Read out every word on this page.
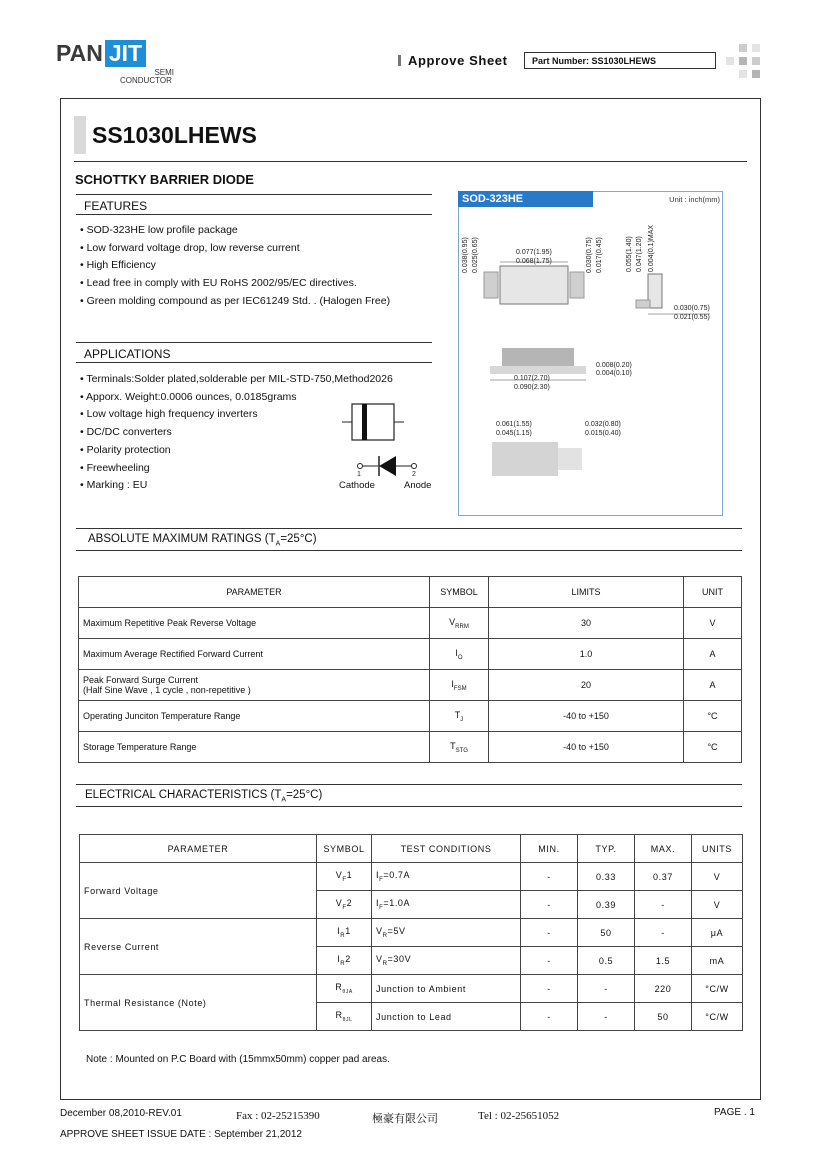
PAN JIT
SEMI
CONDUCTOR
Approve Sheet	Part Number: SS1030LHEWS
SS1030LHEWS
SCHOTTKY BARRIER DIODE
FEATURES
• SOD-323HE low profile package
• Low forward voltage drop, low reverse current
• High Efficiency
• Lead free in comply with EU RoHS 2002/95/EC directives.
• Green molding compound as per IEC61249 Std. . (Halogen Free)
APPLICATIONS
• Terminals:Solder plated,solderable per MIL-STD-750,Method2026
• Apporx. Weight:0.0006 ounces, 0.0185grams
• Low voltage high frequency inverters
• DC/DC converters
• Polarity protection
• Freewheeling
• Marking : EU
1	2
Cathode	Anode
SOD-323HE	Unit : inch(mm)
0.038(0.95) 0.025(0.65)	0.077(1.95)
0.068(1.75)	0.030(0.75) 0.017(0.45)	0.055(1.40) 0.047(1.20) 0.004(0.1)MAX
0.030(0.75)
0.021(0.55)
0.008(0.20)
0.004(0.10)
0.107(2.70)
0.090(2.30)
0.061(1.55)
0.045(1.15)
0.032(0.80)
0.015(0.40)
ABSOLUTE MAXIMUM RATINGS $(T_A=25^\circ C)$
PARAMETER	SYMBOL	LIMITS	UNIT
Maximum Repetitive Peak Reverse Voltage	$V_{RRM}$	30	V
Maximum Average Rectified Forward Current	$I_O$	1.0	A

Peak Forward Surge Current
(Half Sine Wave , 1 cycle , non-repetitive )	$I_{FSM}$	20	A
Operating Junciton Temperature Range	$T_J$	-40 to +150	°C
Storage Temperature Range	$T_{STG}$	-40 to +150	°C
ELECTRICAL CHARACTERISTICS $(T_A=25^\circ C)$
PARAMETER	SYMBOL	TEST CONDITIONS	MIN.	TYP.	MAX.	UNITS
Forward Voltage	$V_F1$	$I_F=0.7A$	-	0.33	0.37	V
	$V_F2$	$I_F=1.0A$	-	0.39	-	V
Reverse Current	$I_R1$	$V_R=5V$	-	50	-	μA
	$I_R2$	$V_R=30V$	-	0.5	1.5	mA
Thermal Resistance (Note)	$R_{\theta JA}$	Junction to Ambient	-	-	220	°C/W
	$R_{\theta JL}$	Junction to Lead	-	-	50	°C/W
Note : Mounted on P.C Board with (15mmx50mm) copper pad areas.
December 08,2010-REV.01	Fax : 02-25215390	極豪有限公司	Tel : 02-25651052	PAGE . 1
APPROVE SHEET ISSUE DATE : September 21,2012
